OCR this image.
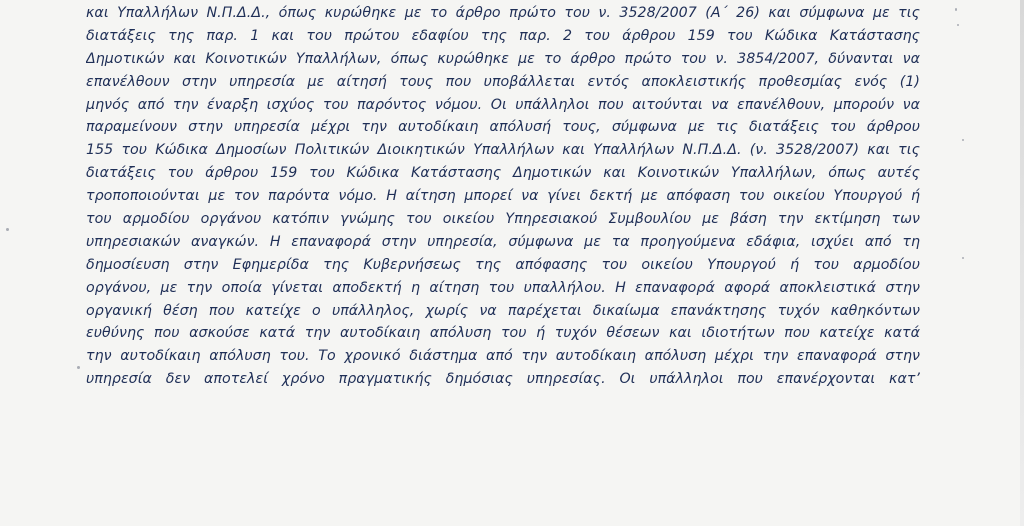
και Υπαλλήλων Ν.Π.Δ.Δ., όπως κυρώθηκε με το άρθρο πρώτο του ν. 3528/2007 (Α΄ 26) και σύμφωνα με τις
διατάξεις της παρ. 1 και του πρώτου εδαφίου της παρ. 2 του άρθρου 159 του Κώδικα Κατάστασης
Δημοτικών και Κοινοτικών Υπαλλήλων, όπως κυρώθηκε με το άρθρο πρώτο του ν. 3854/2007, δύνανται να
επανέλθουν στην υπηρεσία με αίτησή τους που υποβάλλεται εντός αποκλειστικής προθεσμίας ενός (1)
μηνός από την έναρξη ισχύος του παρόντος νόμου. Οι υπάλληλοι που αιτούνται να επανέλθουν, μπορούν να
παραμείνουν στην υπηρεσία μέχρι την αυτοδίκαιη απόλυσή τους, σύμφωνα με τις διατάξεις του άρθρου
155 του Κώδικα Δημοσίων Πολιτικών Διοικητικών Υπαλλήλων και Υπαλλήλων Ν.Π.Δ.Δ. (ν. 3528/2007) και τις
διατάξεις του άρθρου 159 του Κώδικα Κατάστασης Δημοτικών και Κοινοτικών Υπαλλήλων, όπως αυτές
τροποποιούνται με τον παρόντα νόμο. Η αίτηση μπορεί να γίνει δεκτή με απόφαση του οικείου Υπουργού ή
του αρμοδίου οργάνου κατόπιν γνώμης του οικείου Υπηρεσιακού Συμβουλίου με βάση την εκτίμηση των
υπηρεσιακών αναγκών. Η επαναφορά στην υπηρεσία, σύμφωνα με τα προηγούμενα εδάφια, ισχύει από τη
δημοσίευση στην Εφημερίδα της Κυβερνήσεως της απόφασης του οικείου Υπουργού ή του αρμοδίου
οργάνου, με την οποία γίνεται αποδεκτή η αίτηση του υπαλλήλου. Η επαναφορά αφορά αποκλειστικά στην
οργανική θέση που κατείχε ο υπάλληλος, χωρίς να παρέχεται δικαίωμα επανάκτησης τυχόν καθηκόντων
ευθύνης που ασκούσε κατά την αυτοδίκαιη απόλυση του ή τυχόν θέσεων και ιδιοτήτων που κατείχε κατά
την αυτοδίκαιη απόλυση του. Το χρονικό διάστημα από την αυτοδίκαιη απόλυση μέχρι την επαναφορά στην
υπηρεσία δεν αποτελεί χρόνο πραγματικής δημόσιας υπηρεσίας. Οι υπάλληλοι που επανέρχονται κατ’
